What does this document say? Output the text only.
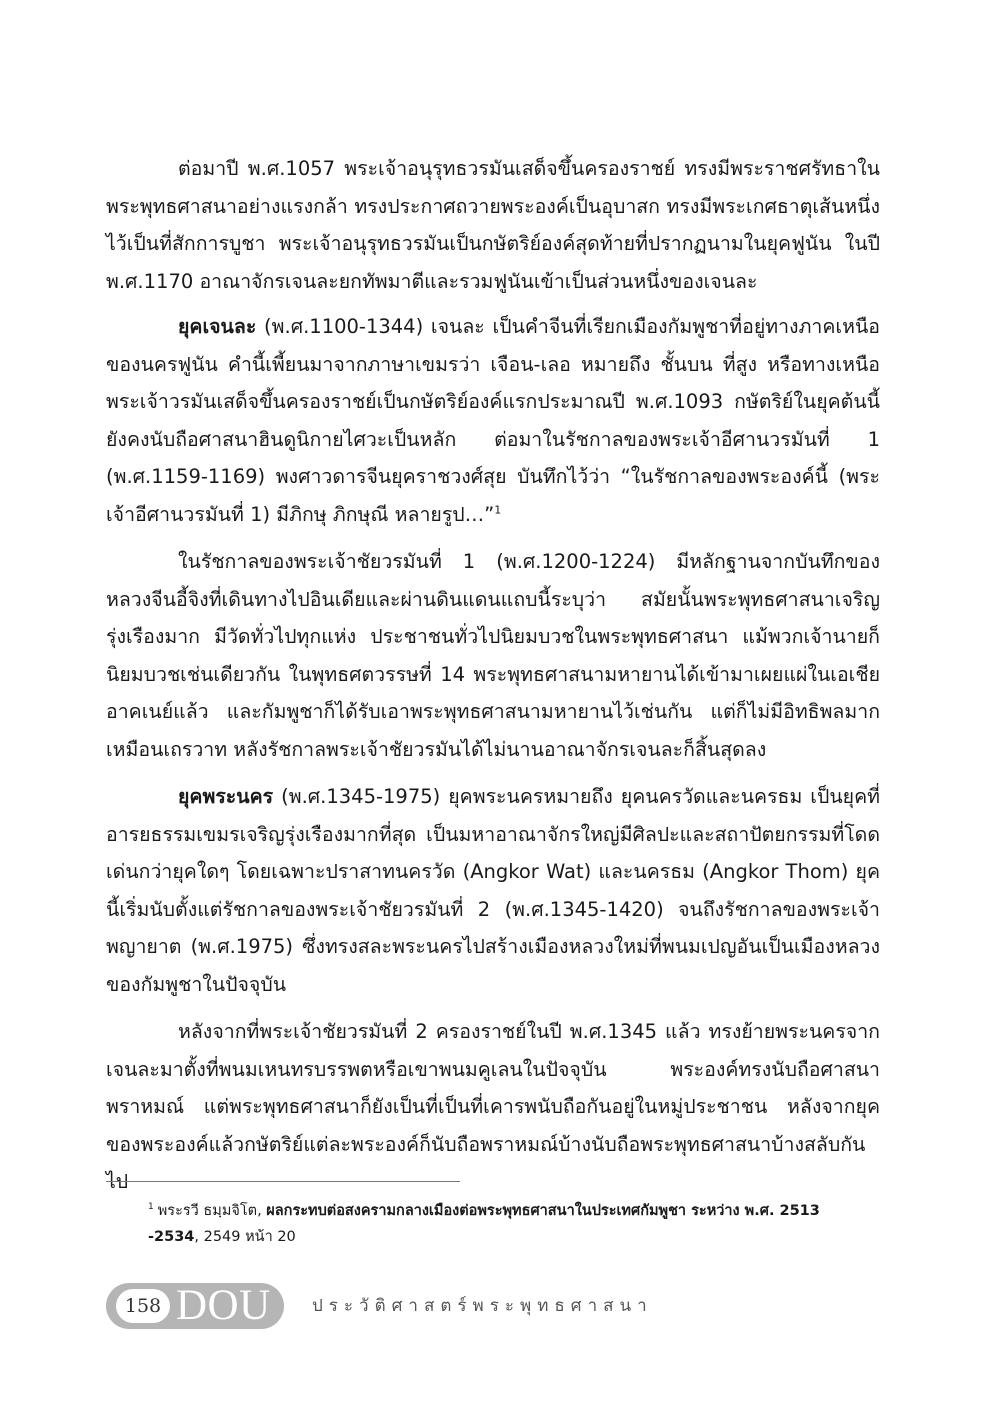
ต่อมาปี พ.ศ.1057 พระเจ้าอนุรุทธวรมันเสด็จขึ้นครองราชย์ ทรงมีพระราชศรัทธาในพระพุทธศาสนาอย่างแรงกล้า ทรงประกาศถวายพระองค์เป็นอุบาสก ทรงมีพระเกศธาตุเส้นหนึ่งไว้เป็นที่สักการบูชา พระเจ้าอนุรุทธวรมันเป็นกษัตริย์องค์สุดท้ายที่ปรากฏนามในยุคฟูนัน ในปี พ.ศ.1170 อาณาจักรเจนละยกทัพมาตีและรวมฟูนันเข้าเป็นส่วนหนึ่งของเจนละ

ยุคเจนละ (พ.ศ.1100-1344) เจนละ เป็นคำจีนที่เรียกเมืองกัมพูชาที่อยู่ทางภาคเหนือของนครฟูนัน คำนี้เพี้ยนมาจากภาษาเขมรว่า เจือน-เลอ หมายถึง ชั้นบน ที่สูง หรือทางเหนือ พระเจ้าวรมันเสด็จขึ้นครองราชย์เป็นกษัตริย์องค์แรกประมาณปี พ.ศ.1093 กษัตริย์ในยุคต้นนี้ยังคงนับถือศาสนาฮินดูนิกายไศวะเป็นหลัก ต่อมาในรัชกาลของพระเจ้าอีศานวรมันที่ 1 (พ.ศ.1159-1169) พงศาวดารจีนยุคราชวงศ์สุย บันทึกไว้ว่า “ในรัชกาลของพระองค์นี้ (พระเจ้าอีศานวรมันที่ 1) มีภิกษุ ภิกษุณี หลายรูป…”$^1$

ในรัชกาลของพระเจ้าชัยวรมันที่ 1 (พ.ศ.1200-1224) มีหลักฐานจากบันทึกของหลวงจีนอี้จิงที่เดินทางไปอินเดียและผ่านดินแดนแถบนี้ระบุว่า สมัยนั้นพระพุทธศาสนาเจริญรุ่งเรืองมาก มีวัดทั่วไปทุกแห่ง ประชาชนทั่วไปนิยมบวชในพระพุทธศาสนา แม้พวกเจ้านายก็นิยมบวชเช่นเดียวกัน ในพุทธศตวรรษที่ 14 พระพุทธศาสนามหายานได้เข้ามาเผยแผ่ในเอเชียอาคเนย์แล้ว และกัมพูชาก็ได้รับเอาพระพุทธศาสนามหายานไว้เช่นกัน แต่ก็ไม่มีอิทธิพลมากเหมือนเถรวาท หลังรัชกาลพระเจ้าชัยวรมันได้ไม่นานอาณาจักรเจนละก็สิ้นสุดลง

ยุคพระนคร (พ.ศ.1345-1975) ยุคพระนครหมายถึง ยุคนครวัดและนครธม เป็นยุคที่อารยธรรมเขมรเจริญรุ่งเรืองมากที่สุด เป็นมหาอาณาจักรใหญ่มีศิลปะและสถาปัตยกรรมที่โดดเด่นกว่ายุคใดๆ โดยเฉพาะปราสาทนครวัด (Angkor Wat) และนครธม (Angkor Thom) ยุคนี้เริ่มนับตั้งแต่รัชกาลของพระเจ้าชัยวรมันที่ 2 (พ.ศ.1345-1420) จนถึงรัชกาลของพระเจ้าพญายาต (พ.ศ.1975) ซึ่งทรงสละพระนครไปสร้างเมืองหลวงใหม่ที่พนมเปญอันเป็นเมืองหลวงของกัมพูชาในปัจจุบัน

หลังจากที่พระเจ้าชัยวรมันที่ 2 ครองราชย์ในปี พ.ศ.1345 แล้ว ทรงย้ายพระนครจากเจนละมาตั้งที่พนมเหนทรบรรพตหรือเขาพนมคูเลนในปัจจุบัน พระองค์ทรงนับถือศาสนาพราหมณ์ แต่พระพุทธศาสนาก็ยังเป็นที่เป็นที่เคารพนับถือกันอยู่ในหมู่ประชาชน หลังจากยุคของพระองค์แล้วกษัตริย์แต่ละพระองค์ก็นับถือพราหมณ์บ้างนับถือพระพุทธศาสนาบ้างสลับกันไป

$^1$ พระรวี ธมฺมจิโต, ผลกระทบต่อสงครามกลางเมืองต่อพระพุทธศาสนาในประเทศกัมพูชา ระหว่าง พ.ศ. 2513 -2534, 2549 หน้า 20
158 DOU ประวัติศาสตร์พระพุทธศาสนา
